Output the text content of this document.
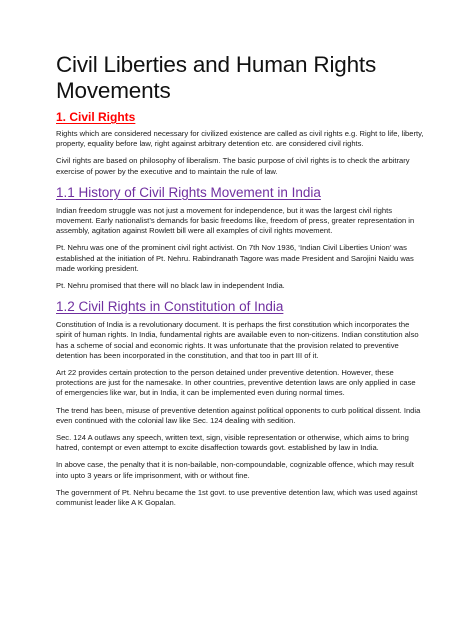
Civil Liberties and Human Rights Movements
1. Civil Rights

Rights which are considered necessary for civilized existence are called as civil rights e.g. Right to life, liberty, property, equality before law, right against arbitrary detention etc. are considered civil rights.

Civil rights are based on philosophy of liberalism. The basic purpose of civil rights is to check the arbitrary exercise of power by the executive and to maintain the rule of law.

1.1 History of Civil Rights Movement in India

Indian freedom struggle was not just a movement for independence, but it was the largest civil rights movement. Early nationalist’s demands for basic freedoms like, freedom of press, greater representation in assembly, agitation against Rowlett bill were all examples of civil rights movement.

Pt. Nehru was one of the prominent civil right activist. On 7th Nov 1936, ‘Indian Civil Liberties Union’ was established at the initiation of Pt. Nehru. Rabindranath Tagore was made President and Sarojini Naidu was made working president.

Pt. Nehru promised that there will no black law in independent India.

1.2 Civil Rights in Constitution of India

Constitution of India is a revolutionary document. It is perhaps the first constitution which incorporates the spirit of human rights. In India, fundamental rights are available even to non-citizens. Indian constitution also has a scheme of social and economic rights. It was unfortunate that the provision related to preventive detention has been incorporated in the constitution, and that too in part III of it.

Art 22 provides certain protection to the person detained under preventive detention. However, these protections are just for the namesake. In other countries, preventive detention laws are only applied in case of emergencies like war, but in India, it can be implemented even during normal times.

The trend has been, misuse of preventive detention against political opponents to curb political dissent. India even continued with the colonial law like Sec. 124 dealing with sedition.

Sec. 124 A outlaws any speech, written text, sign, visible representation or otherwise, which aims to bring hatred, contempt or even attempt to excite disaffection towards govt. established by law in India.

In above case, the penalty that it is non-bailable, non-compoundable, cognizable offence, which may result into upto 3 years or life imprisonment, with or without fine.

The government of Pt. Nehru became the 1st govt. to use preventive detention law, which was used against communist leader like A K Gopalan.
